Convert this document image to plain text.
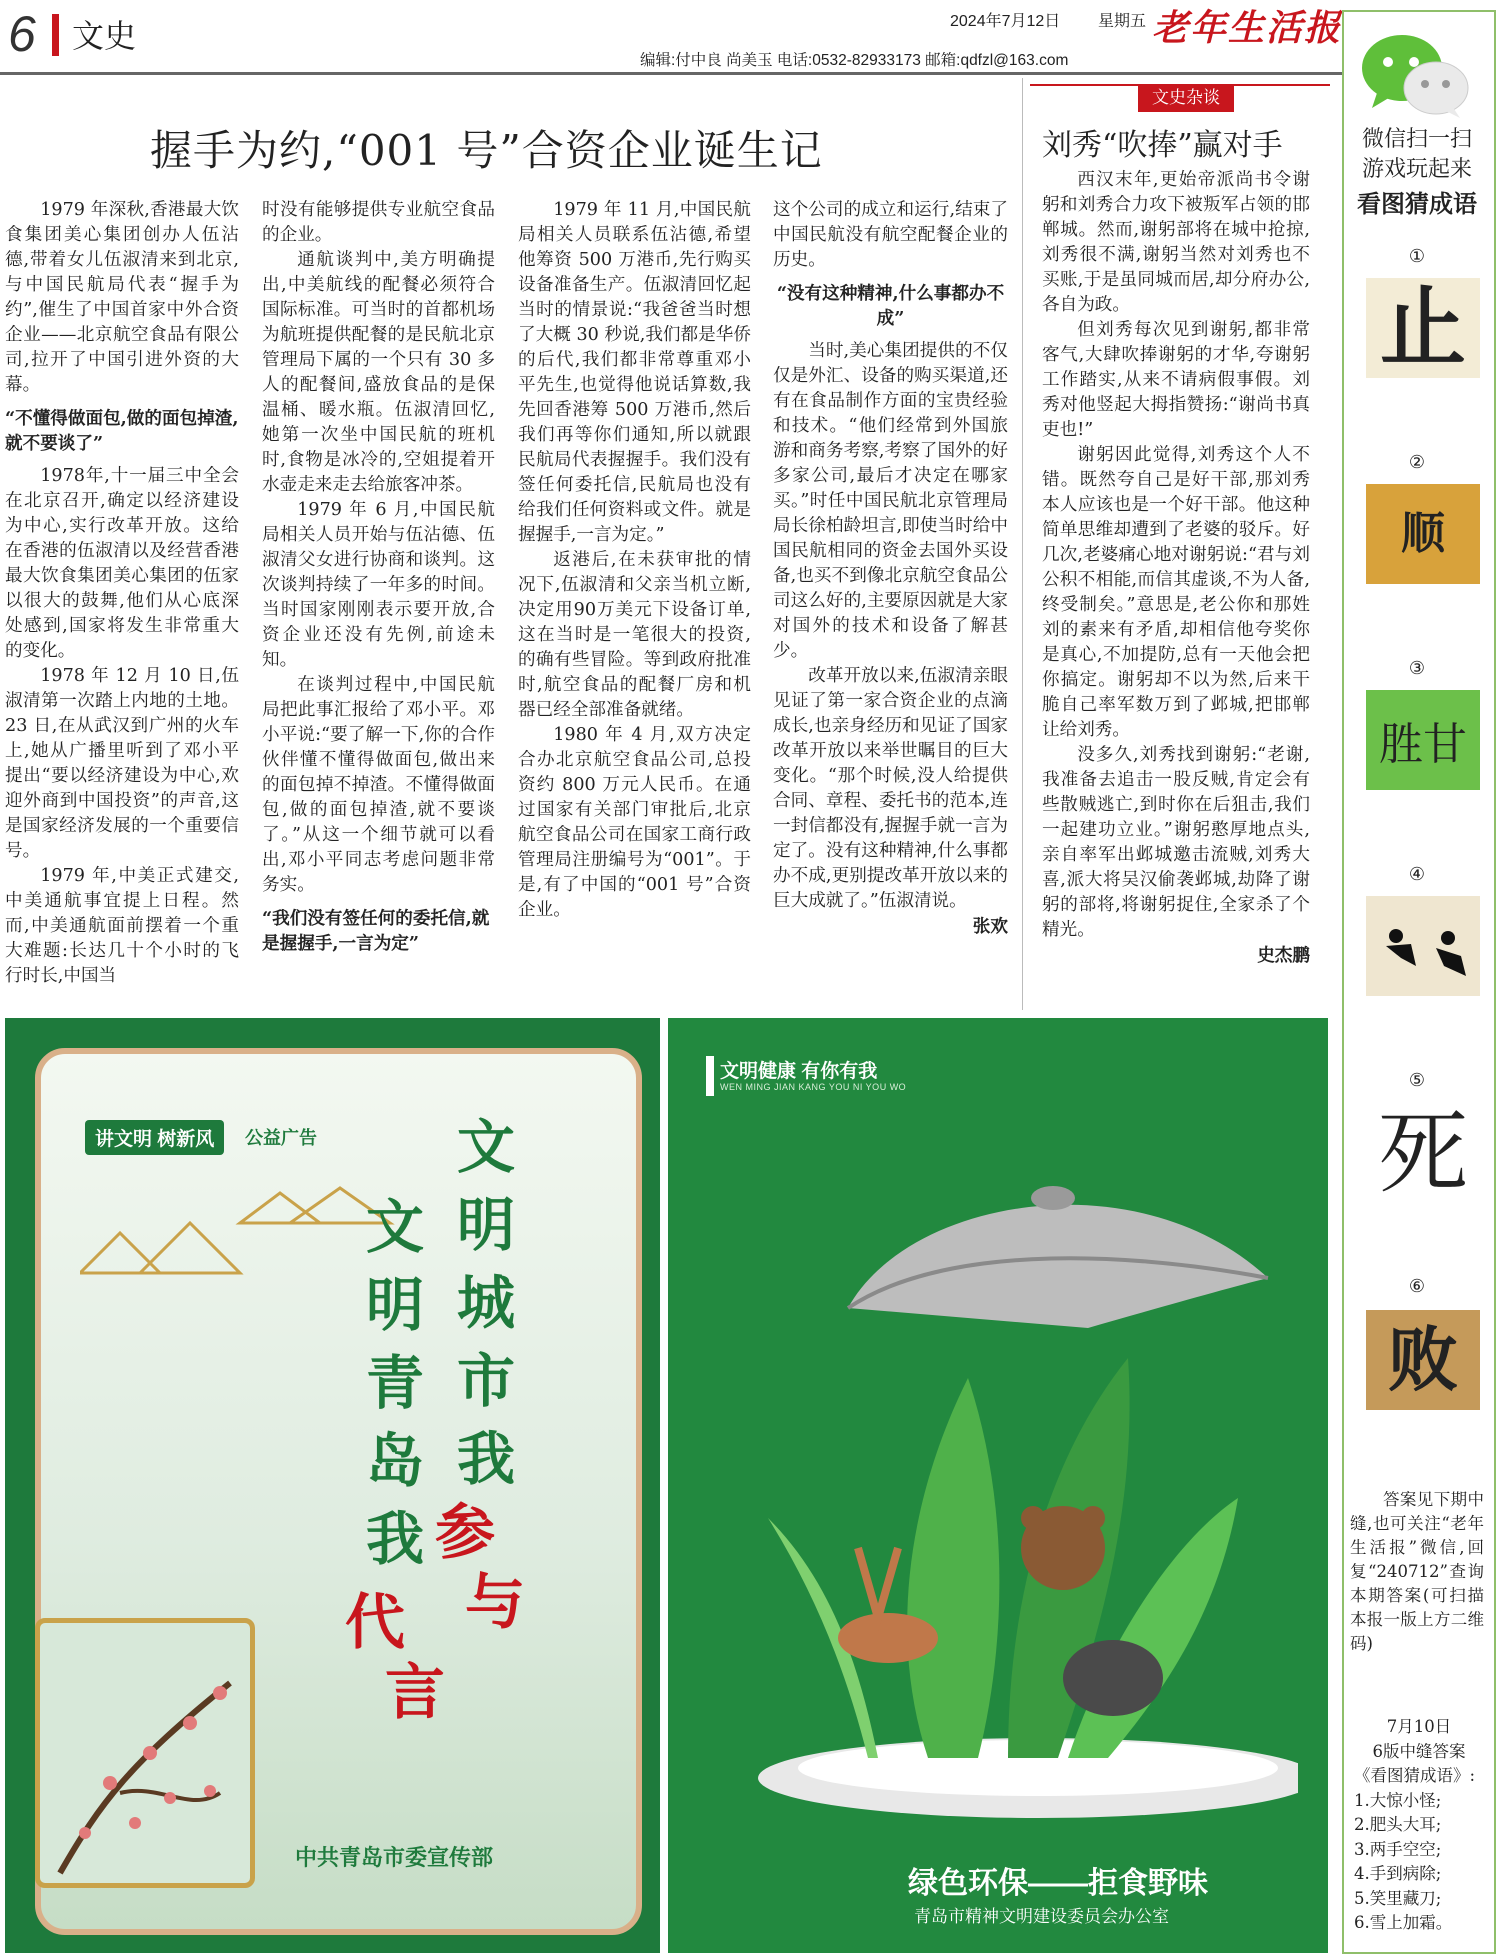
6 文史	2024年7月12日 星期五 老年生活报
编辑:付中良 尚美玉 电话:0532-82933173 邮箱:qdfzl@163.com
握手为约,“001 号”合资企业诞生记

1979 年深秋,香港最大饮食集团美心集团创办人伍沾德,带着女儿伍淑清来到北京,与中国民航局代表“握手为约”,催生了中国首家中外合资企业——北京航空食品有限公司,拉开了中国引进外资的大幕。

“不懂得做面包,做的面包掉渣,就不要谈了”

1978年,十一届三中全会在北京召开,确定以经济建设为中心,实行改革开放。这给在香港的伍淑清以及经营香港最大饮食集团美心集团的伍家以很大的鼓舞,他们从心底深处感到,国家将发生非常重大的变化。

1978 年 12 月 10 日,伍淑清第一次踏上内地的土地。23 日,在从武汉到广州的火车上,她从广播里听到了邓小平提出“要以经济建设为中心,欢迎外商到中国投资”的声音,这是国家经济发展的一个重要信号。

1979 年,中美正式建交,中美通航事宜提上日程。然而,中美通航面前摆着一个重大难题:长达几十个小时的飞行时长,中国当

时没有能够提供专业航空食品的企业。

通航谈判中,美方明确提出,中美航线的配餐必须符合国际标准。可当时的首都机场为航班提供配餐的是民航北京管理局下属的一个只有 30 多人的配餐间,盛放食品的是保温桶、暖水瓶。伍淑清回忆,她第一次坐中国民航的班机时,食物是冰冷的,空姐提着开水壶走来走去给旅客冲茶。

1979 年 6 月,中国民航局相关人员开始与伍沾德、伍淑清父女进行协商和谈判。这次谈判持续了一年多的时间。当时国家刚刚表示要开放,合资企业还没有先例,前途未知。

在谈判过程中,中国民航局把此事汇报给了邓小平。邓小平说:“要了解一下,你的合作伙伴懂不懂得做面包,做出来的面包掉不掉渣。不懂得做面包,做的面包掉渣,就不要谈了。”从这一个细节就可以看出,邓小平同志考虑问题非常务实。

“我们没有签任何的委托信,就是握握手,一言为定”

1979 年 11 月,中国民航局相关人员联系伍沾德,希望他筹资 500 万港币,先行购买设备准备生产。伍淑清回忆起当时的情景说:“我爸爸当时想了大概 30 秒说,我们都是华侨的后代,我们都非常尊重邓小平先生,也觉得他说话算数,我先回香港筹 500 万港币,然后我们再等你们通知,所以就跟民航局代表握握手。我们没有签任何委托信,民航局也没有给我们任何资料或文件。就是握握手,一言为定。”

返港后,在未获审批的情况下,伍淑清和父亲当机立断,决定用90万美元下设备订单,这在当时是一笔很大的投资,的确有些冒险。等到政府批准时,航空食品的配餐厂房和机器已经全部准备就绪。

1980 年 4 月,双方决定合办北京航空食品公司,总投资约 800 万元人民币。在通过国家有关部门审批后,北京航空食品公司在国家工商行政管理局注册编号为“001”。于是,有了中国的“001 号”合资企业。

这个公司的成立和运行,结束了中国民航没有航空配餐企业的历史。

“没有这种精神,什么事都办不成”

当时,美心集团提供的不仅仅是外汇、设备的购买渠道,还有在食品制作方面的宝贵经验和技术。“他们经常到外国旅游和商务考察,考察了国外的好多家公司,最后才决定在哪家买。”时任中国民航北京管理局局长徐柏龄坦言,即使当时给中国民航相同的资金去国外买设备,也买不到像北京航空食品公司这么好的,主要原因就是大家对国外的技术和设备了解甚少。

改革开放以来,伍淑清亲眼见证了第一家合资企业的点滴成长,也亲身经历和见证了国家改革开放以来举世瞩目的巨大变化。“那个时候,没人给提供合同、章程、委托书的范本,连一封信都没有,握握手就一言为定了。没有这种精神,什么事都办不成,更别提改革开放以来的巨大成就了。”伍淑清说。

张欢

文史杂谈
刘秀“吹捧”赢对手

西汉末年,更始帝派尚书令谢躬和刘秀合力攻下被叛军占领的邯郸城。然而,谢躬部将在城中抢掠,刘秀很不满,谢躬当然对刘秀也不买账,于是虽同城而居,却分府办公,各自为政。

但刘秀每次见到谢躬,都非常客气,大肆吹捧谢躬的才华,夸谢躬工作踏实,从来不请病假事假。刘秀对他竖起大拇指赞扬:“谢尚书真吏也!”

谢躬因此觉得,刘秀这个人不错。既然夸自己是好干部,那刘秀本人应该也是一个好干部。他这种简单思维却遭到了老婆的驳斥。好几次,老婆痛心地对谢躬说:“君与刘公积不相能,而信其虚谈,不为人备,终受制矣。”意思是,老公你和那姓刘的素来有矛盾,却相信他夸奖你是真心,不加提防,总有一天他会把你搞定。谢躬却不以为然,后来干脆自己率军数万到了邺城,把邯郸让给刘秀。

没多久,刘秀找到谢躬:“老谢,我准备去追击一股反贼,肯定会有些散贼逃亡,到时你在后狙击,我们一起建功立业。”谢躬憨厚地点头,亲自率军出邺城邀击流贼,刘秀大喜,派大将吴汉偷袭邺城,劫降了谢躬的部将,将谢躬捉住,全家杀了个精光。

史杰鹏

微信扫一扫
游戏玩起来
看图猜成语
①
止
②
顺
③
胜 甘
④
⑤
死
⑥
败

答案见下期中缝,也可关注“老年生活报”微信,回复“240712”查询本期答案(可扫描本报一版上方二维码)

7月10日
6版中缝答案
《看图猜成语》:
1.大惊小怪;
2.肥头大耳;
3.两手空空;
4.手到病除;
5.笑里藏刀;
6.雪上加霜。
讲文明 树新风	公益广告 文
明
城
市
我
参
与
文
明
青
岛
我
代
言
中共青岛市委宣传部
文明健康 有你有我
WEN MING JIAN KANG YOU NI YOU WO
绿色环保——拒食野味
青岛市精神文明建设委员会办公室
